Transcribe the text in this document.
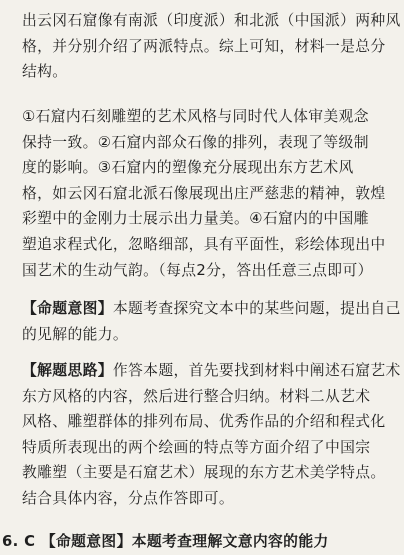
出云冈石窟像有南派（印度派）和北派（中国派）两种风
格，并分别介绍了两派特点。综上可知，材料一是总分
结构。
①石窟内石刻雕塑的艺术风格与同时代人体审美观念
保持一致。②石窟内部众石像的排列，表现了等级制
度的影响。③石窟内的塑像充分展现出东方艺术风
格，如云冈石窟北派石像展现出庄严慈悲的精神，敦煌
彩塑中的金刚力士展示出力量美。④石窟内的中国雕
塑追求程式化，忽略细部，具有平面性，彩绘体现出中
国艺术的生动气韵。（每点2分，答出任意三点即可）
【命题意图】本题考查探究文本中的某些问题，提出自己
的见解的能力。
【解题思路】作答本题，首先要找到材料中阐述石窟艺术
东方风格的内容，然后进行整合归纳。材料二从艺术
风格、雕塑群体的排列布局、优秀作品的介绍和程式化
特质所表现出的两个绘画的特点等方面介绍了中国宗
教雕塑（主要是石窟艺术）展现的东方艺术美学特点。
结合具体内容，分点作答即可。
6. C 【命题意图】本题考查理解文意内容的能力
